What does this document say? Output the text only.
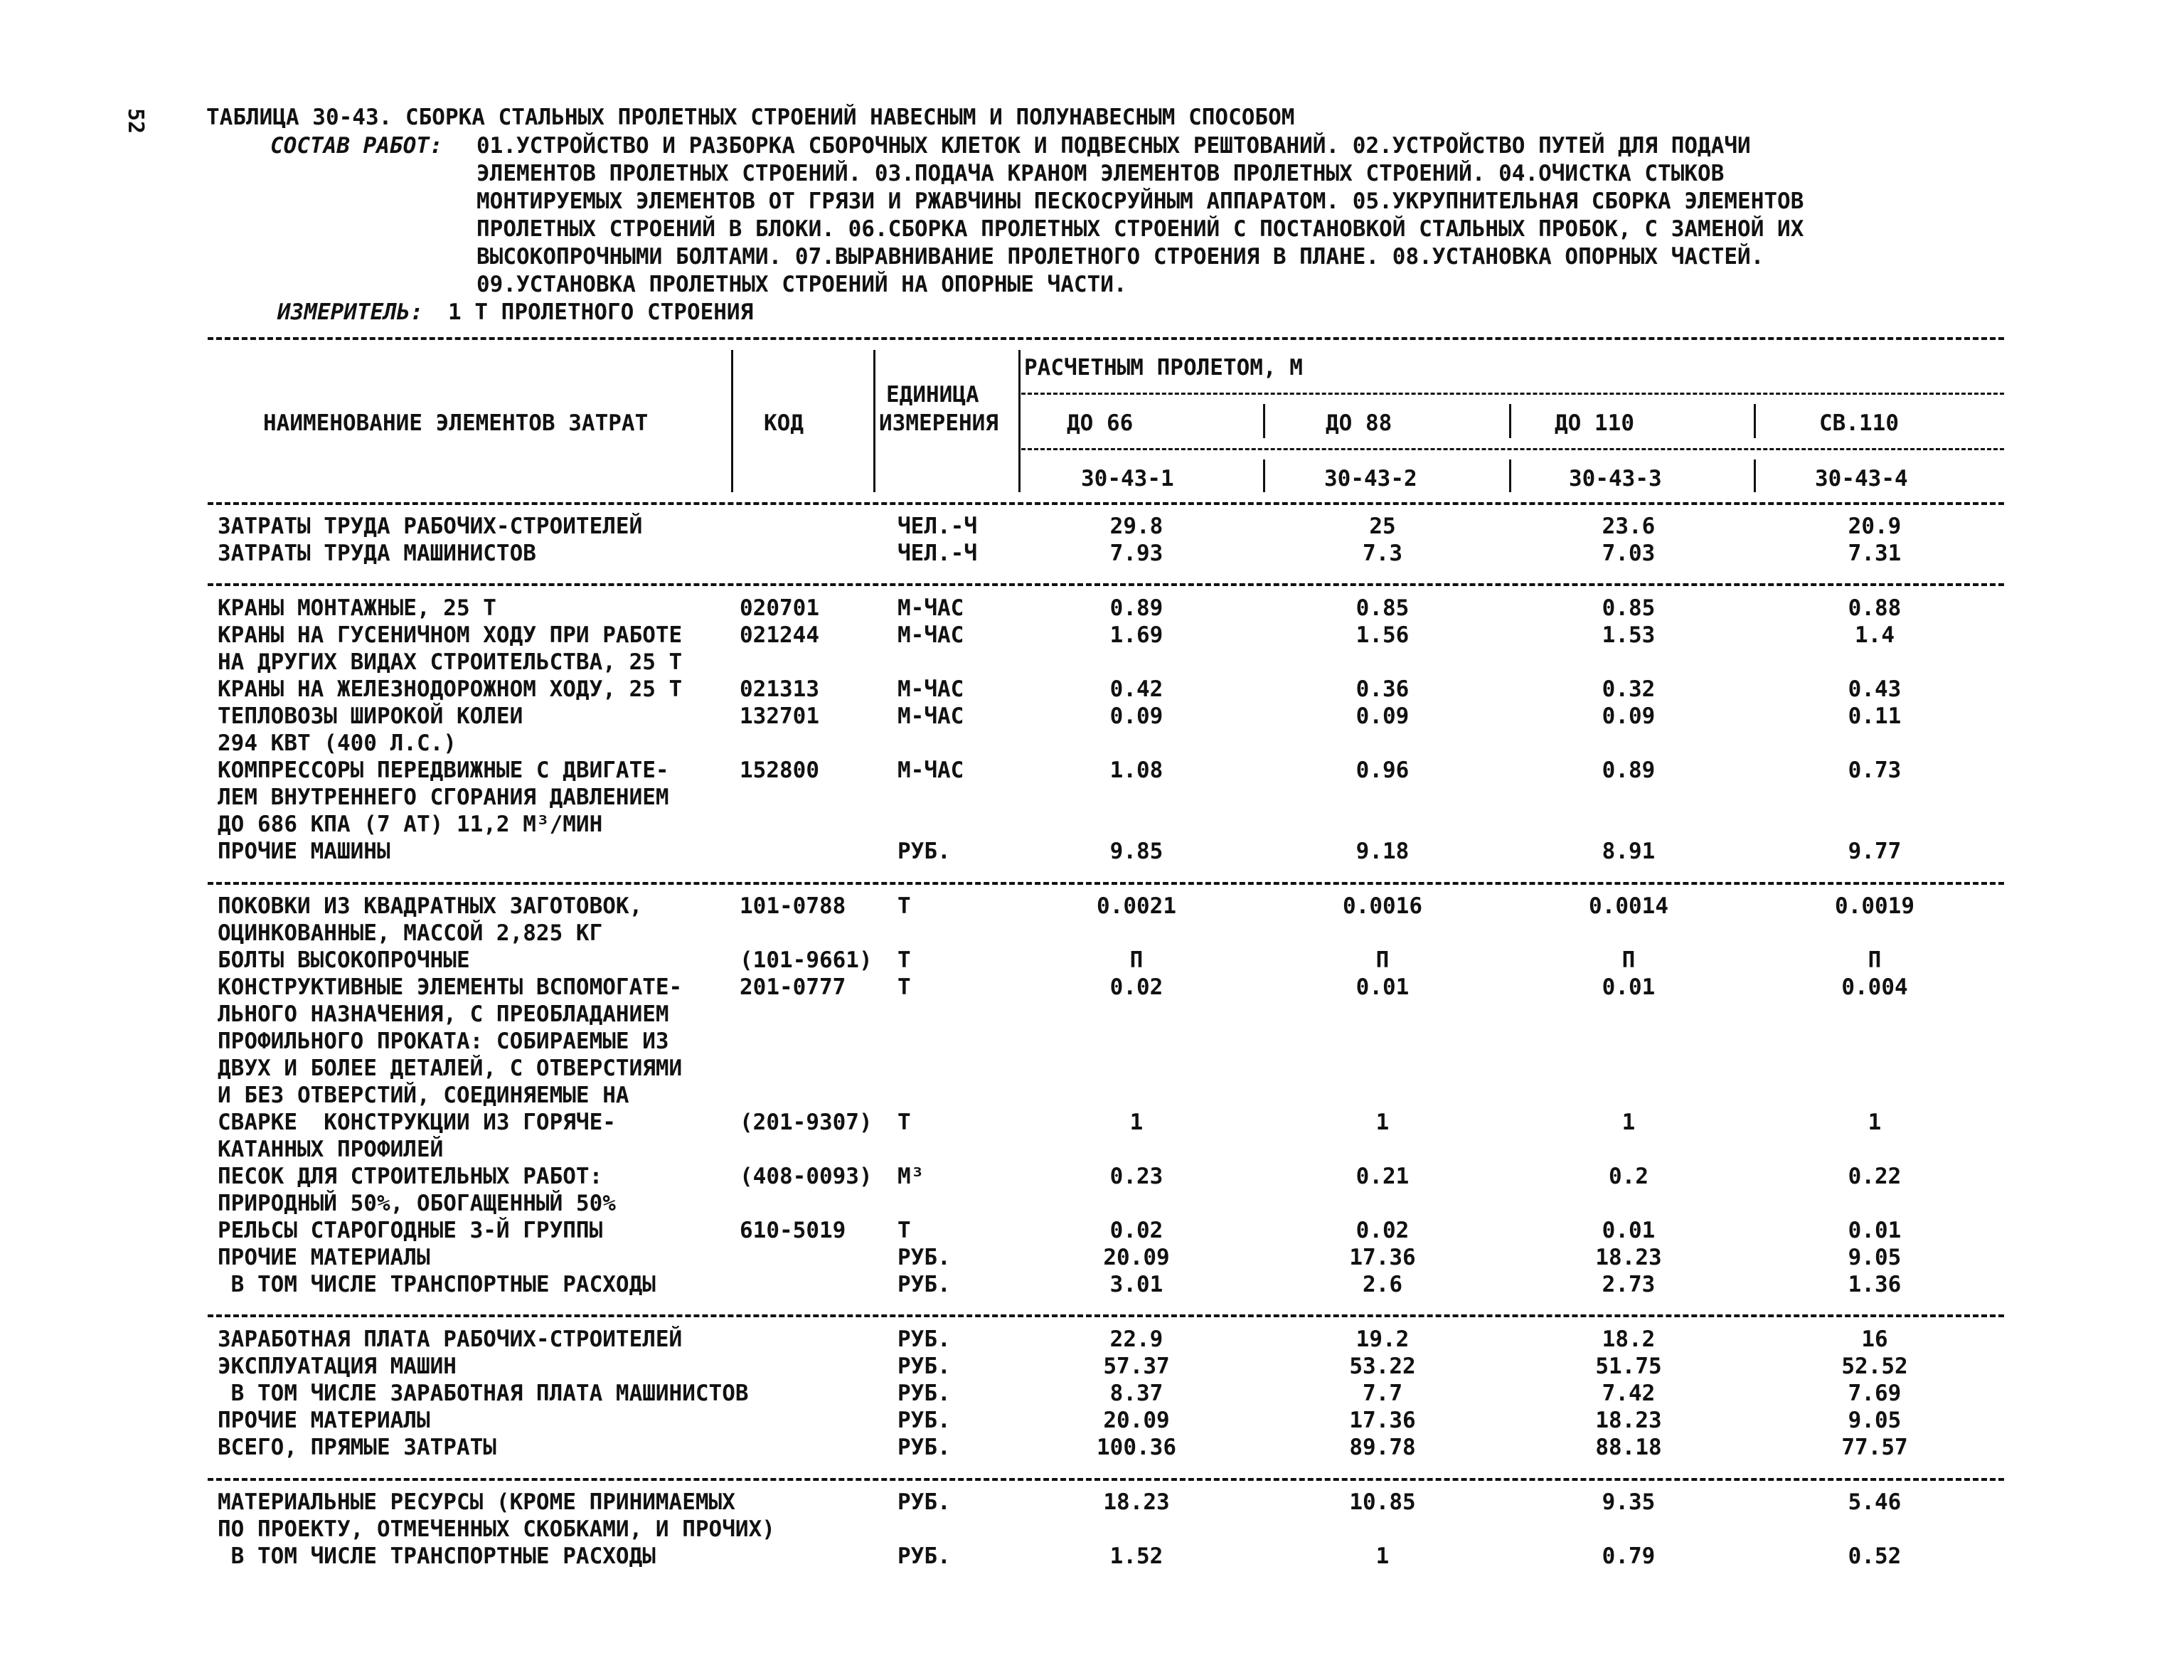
52	ТАБЛИЦА 30-43. СБОРКА СТАЛЬНЫХ ПРОЛЕТНЫХ СТРОЕНИЙ НАВЕСНЫМ И ПОЛУНАВЕСНЫМ СПОСОБОМ
СОСТАВ РАБОТ: 01.УСТРОЙСТВО И РАЗБОРКА СБОРОЧНЫХ КЛЕТОК И ПОДВЕСНЫХ РЕШТОВАНИЙ. 02.УСТРОЙСТВО ПУТЕЙ ДЛЯ ПОДАЧИ
ЭЛЕМЕНТОВ ПРОЛЕТНЫХ СТРОЕНИЙ. 03.ПОДАЧА КРАНОМ ЭЛЕМЕНТОВ ПРОЛЕТНЫХ СТРОЕНИЙ. 04.ОЧИСТКА СТЫКОВ
МОНТИРУЕМЫХ ЭЛЕМЕНТОВ ОТ ГРЯЗИ И РЖАВЧИНЫ ПЕСКОСРУЙНЫМ АППАРАТОМ. 05.УКРУПНИТЕЛЬНАЯ СБОРКА ЭЛЕМЕНТОВ
ПРОЛЕТНЫХ СТРОЕНИЙ В БЛОКИ. 06.СБОРКА ПРОЛЕТНЫХ СТРОЕНИЙ С ПОСТАНОВКОЙ СТАЛЬНЫХ ПРОБОК, С ЗАМЕНОЙ ИХ
ВЫСОКОПРОЧНЫМИ БОЛТАМИ. 07.ВЫРАВНИВАНИЕ ПРОЛЕТНОГО СТРОЕНИЯ В ПЛАНЕ. 08.УСТАНОВКА ОПОРНЫХ ЧАСТЕЙ.
09.УСТАНОВКА ПРОЛЕТНЫХ СТРОЕНИЙ НА ОПОРНЫЕ ЧАСТИ.
ИЗМЕРИТЕЛЬ: 1 Т ПРОЛЕТНОГО СТРОЕНИЯ
НАИМЕНОВАНИЕ ЭЛЕМЕНТОВ ЗАТРАТ	КОД
ЕДИНИЦА
ИЗМЕРЕНИЯ
РАСЧЕТНЫМ ПРОЛЕТОМ, М
ДО 66	ДО 88	ДО 110	СВ.110
30-43-1	30-43-2	30-43-3	30-43-4
ЗАТРАТЫ ТРУДА РАБОЧИХ-СТРОИТЕЛЕЙ	ЧЕЛ.-Ч	29.8	25	23.6	20.9
ЗАТРАТЫ ТРУДА МАШИНИСТОВ	ЧЕЛ.-Ч	7.93	7.3	7.03	7.31
КРАНЫ МОНТАЖНЫЕ, 25 Т	020701	М-ЧАС	0.89	0.85	0.85	0.88
КРАНЫ НА ГУСЕНИЧНОМ ХОДУ ПРИ РАБОТЕ	021244	М-ЧАС	1.69	1.56	1.53	1.4
НА ДРУГИХ ВИДАХ СТРОИТЕЛЬСТВА, 25 Т
КРАНЫ НА ЖЕЛЕЗНОДОРОЖНОМ ХОДУ, 25 Т	021313	М-ЧАС	0.42	0.36	0.32	0.43
ТЕПЛОВОЗЫ ШИРОКОЙ КОЛЕИ	132701	М-ЧАС	0.09	0.09	0.09	0.11
294 КВТ (400 Л.С.)
КОМПРЕССОРЫ ПЕРЕДВИЖНЫЕ С ДВИГАТЕ-	152800	М-ЧАС	1.08	0.96	0.89	0.73
ЛЕМ ВНУТРЕННЕГО СГОРАНИЯ ДАВЛЕНИЕМ
ДО 686 КПА (7 АТ) 11,2 М³/МИН
ПРОЧИЕ МАШИНЫ	РУБ.	9.85	9.18	8.91	9.77
ПОКОВКИ ИЗ КВАДРАТНЫХ ЗАГОТОВОК,	101-0788 Т	0.0021	0.0016	0.0014	0.0019
ОЦИНКОВАННЫЕ, МАССОЙ 2,825 КГ
БОЛТЫ ВЫСОКОПРОЧНЫЕ	(101-9661) Т	П	П	П	П
КОНСТРУКТИВНЫЕ ЭЛЕМЕНТЫ ВСПОМОГАТЕ-	201-0777 Т	0.02	0.01	0.01	0.004
ЛЬНОГО НАЗНАЧЕНИЯ, С ПРЕОБЛАДАНИЕМ
ПРОФИЛЬНОГО ПРОКАТА: СОБИРАЕМЫЕ ИЗ
ДВУХ И БОЛЕЕ ДЕТАЛЕЙ, С ОТВЕРСТИЯМИ
И БЕЗ ОТВЕРСТИЙ, СОЕДИНЯЕМЫЕ НА
СВАРКЕ  КОНСТРУКЦИИ ИЗ ГОРЯЧЕ-	(201-9307) Т	1	1	1	1
КАТАННЫХ ПРОФИЛЕЙ
ПЕСОК ДЛЯ СТРОИТЕЛЬНЫХ РАБОТ:	(408-0093) М³	0.23	0.21	0.2	0.22
ПРИРОДНЫЙ 50%, ОБОГАЩЕННЫЙ 50%
РЕЛЬСЫ СТАРОГОДНЫЕ 3-Й ГРУППЫ	610-5019 Т	0.02	0.02	0.01	0.01
ПРОЧИЕ МАТЕРИАЛЫ	РУБ.	20.09	17.36	18.23	9.05
В ТОМ ЧИСЛЕ ТРАНСПОРТНЫЕ РАСХОДЫ	РУБ.	3.01	2.6	2.73	1.36
ЗАРАБОТНАЯ ПЛАТА РАБОЧИХ-СТРОИТЕЛЕЙ	РУБ.	22.9	19.2	18.2	16
ЭКСПЛУАТАЦИЯ МАШИН	РУБ.	57.37	53.22	51.75	52.52
В ТОМ ЧИСЛЕ ЗАРАБОТНАЯ ПЛАТА МАШИНИСТОВ	РУБ.	8.37	7.7	7.42	7.69
ПРОЧИЕ МАТЕРИАЛЫ	РУБ.	20.09	17.36	18.23	9.05
ВСЕГО, ПРЯМЫЕ ЗАТРАТЫ	РУБ.	100.36	89.78	88.18	77.57
МАТЕРИАЛЬНЫЕ РЕСУРСЫ (КРОМЕ ПРИНИМАЕМЫХ	РУБ.	18.23	10.85	9.35	5.46
ПО ПРОЕКТУ, ОТМЕЧЕННЫХ СКОБКАМИ, И ПРОЧИХ)
В ТОМ ЧИСЛЕ ТРАНСПОРТНЫЕ РАСХОДЫ	РУБ.	1.52	1	0.79	0.52
